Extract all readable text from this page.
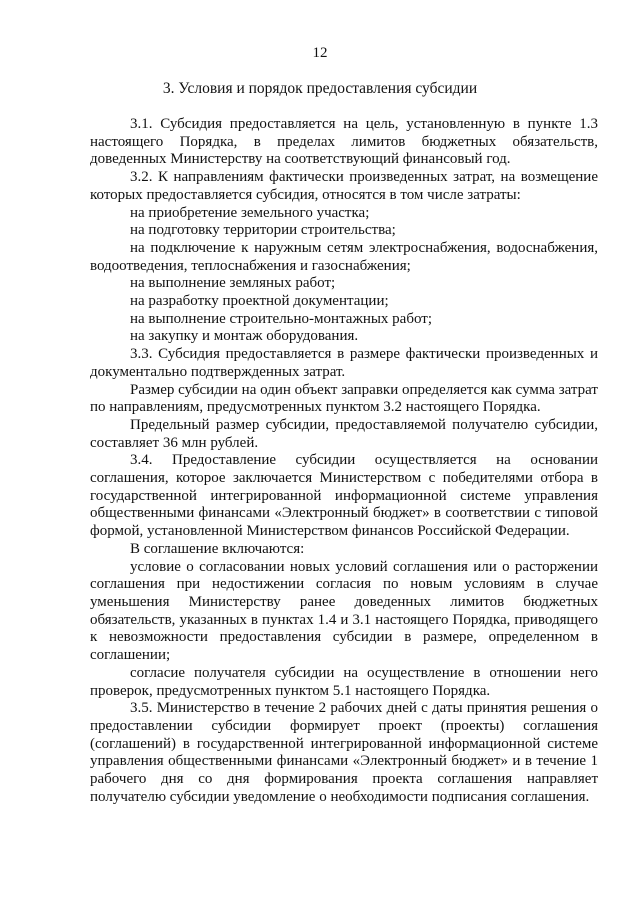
12
3. Условия и порядок предоставления субсидии

3.1. Субсидия предоставляется на цель, установленную в пункте 1.3 настоящего Порядка, в пределах лимитов бюджетных обязательств, доведенных Министерству на соответствующий финансовый год.

3.2. К направлениям фактически произведенных затрат, на возмещение которых предоставляется субсидия, относятся в том числе затраты:

на приобретение земельного участка;

на подготовку территории строительства;

на подключение к наружным сетям электроснабжения, водоснабжения, водоотведения, теплоснабжения и газоснабжения;

на выполнение земляных работ;

на разработку проектной документации;

на выполнение строительно-монтажных работ;

на закупку и монтаж оборудования.

3.3. Субсидия предоставляется в размере фактически произведенных и документально подтвержденных затрат.

Размер субсидии на один объект заправки определяется как сумма затрат по направлениям, предусмотренных пунктом 3.2 настоящего Порядка.

Предельный размер субсидии, предоставляемой получателю субсидии, составляет 36 млн рублей.

3.4. Предоставление субсидии осуществляется на основании соглашения, которое заключается Министерством с победителями отбора в государственной интегрированной информационной системе управления общественными финансами «Электронный бюджет» в соответствии с типовой формой, установленной Министерством финансов Российской Федерации.

В соглашение включаются:

условие о согласовании новых условий соглашения или о расторжении соглашения при недостижении согласия по новым условиям в случае уменьшения Министерству ранее доведенных лимитов бюджетных обязательств, указанных в пунктах 1.4 и 3.1 настоящего Порядка, приводящего к невозможности предоставления субсидии в размере, определенном в соглашении;

согласие получателя субсидии на осуществление в отношении него проверок, предусмотренных пунктом 5.1 настоящего Порядка.

3.5. Министерство в течение 2 рабочих дней с даты принятия решения о предоставлении субсидии формирует проект (проекты) соглашения (соглашений) в государственной интегрированной информационной системе управления общественными финансами «Электронный бюджет» и в течение 1 рабочего дня со дня формирования проекта соглашения направляет получателю субсидии уведомление о необходимости подписания соглашения.
